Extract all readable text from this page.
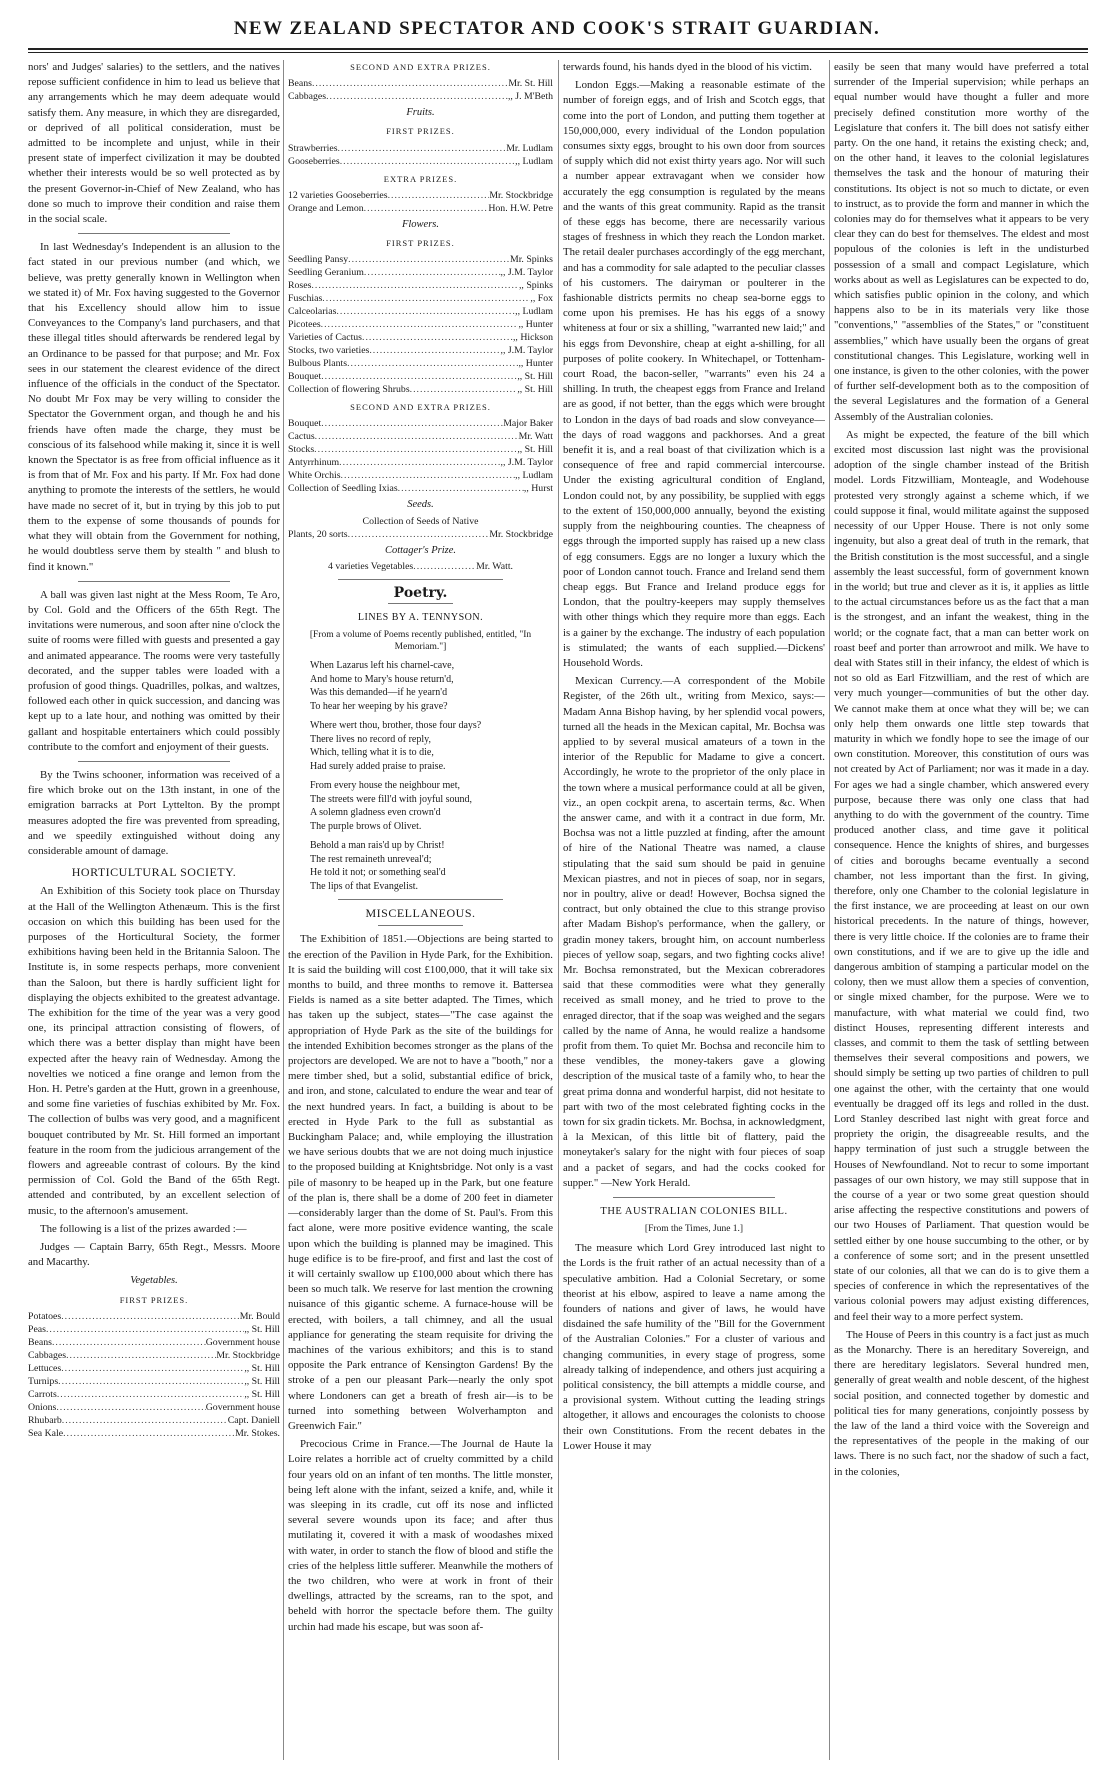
NEW ZEALAND SPECTATOR AND COOK'S STRAIT GUARDIAN.

nors' and Judges' salaries) to the settlers, and the natives repose sufficient confidence in him to lead us believe that any arrangements which he may deem adequate would satisfy them. Any measure, in which they are disregarded, or deprived of all political consideration, must be admitted to be incomplete and unjust, while in their present state of imperfect civilization it may be doubted whether their interests would be so well protected as by the present Governor-in-Chief of New Zealand, who has done so much to improve their condition and raise them in the social scale.

In last Wednesday's Independent is an allusion to the fact stated in our previous number (and which, we believe, was pretty generally known in Wellington when we stated it) of Mr. Fox having suggested to the Governor that his Excellency should allow him to issue Conveyances to the Company's land purchasers, and that these illegal titles should afterwards be rendered legal by an Ordinance to be passed for that purpose; and Mr. Fox sees in our statement the clearest evidence of the direct influence of the officials in the conduct of the Spectator. No doubt Mr Fox may be very willing to consider the Spectator the Government organ, and though he and his friends have often made the charge, they must be conscious of its falsehood while making it, since it is well known the Spectator is as free from official influence as it is from that of Mr. Fox and his party. If Mr. Fox had done anything to promote the interests of the settlers, he would have made no secret of it, but in trying by this job to put them to the expense of some thousands of pounds for what they will obtain from the Government for nothing, he would doubtless serve them by stealth " and blush to find it known."

A ball was given last night at the Mess Room, Te Aro, by Col. Gold and the Officers of the 65th Regt. The invitations were numerous, and soon after nine o'clock the suite of rooms were filled with guests and presented a gay and animated appearance. The rooms were very tastefully decorated, and the supper tables were loaded with a profusion of good things. Quadrilles, polkas, and waltzes, followed each other in quick succession, and dancing was kept up to a late hour, and nothing was omitted by their gallant and hospitable entertainers which could possibly contribute to the comfort and enjoyment of their guests.

By the Twins schooner, information was received of a fire which broke out on the 13th instant, in one of the emigration barracks at Port Lyttelton. By the prompt measures adopted the fire was prevented from spreading, and we speedily extinguished without doing any considerable amount of damage.

HORTICULTURAL SOCIETY.

An Exhibition of this Society took place on Thursday at the Hall of the Wellington Athenæum. This is the first occasion on which this building has been used for the purposes of the Horticultural Society, the former exhibitions having been held in the Britannia Saloon. The Institute is, in some respects perhaps, more convenient than the Saloon, but there is hardly sufficient light for displaying the objects exhibited to the greatest advantage. The exhibition for the time of the year was a very good one, its principal attraction consisting of flowers, of which there was a better display than might have been expected after the heavy rain of Wednesday. Among the novelties we noticed a fine orange and lemon from the Hon. H. Petre's garden at the Hutt, grown in a greenhouse, and some fine varieties of fuschias exhibited by Mr. Fox. The collection of bulbs was very good, and a magnificent bouquet contributed by Mr. St. Hill formed an important feature in the room from the judicious arrangement of the flowers and agreeable contrast of colours. By the kind permission of Col. Gold the Band of the 65th Regt. attended and contributed, by an excellent selection of music, to the afternoon's amusement.

The following is a list of the prizes awarded :—

Judges — Captain Barry, 65th Regt., Messrs. Moore and Macarthy.

Vegetables.
FIRST PRIZES.
Potatoes .....	Mr. Bould
Peas .....	,, St. Hill
Beans .....	Government house
Cabbages .....	Mr. Stockbridge
Lettuces .....	,, St. Hill
Turnips .....	,, St. Hill
Carrots .....	,, St. Hill
Onions .....	Government house
Rhubarb .....	Capt. Daniell
Sea Kale .....	Mr. Stokes.
SECOND AND EXTRA PRIZES.
Beans .....	Mr. St. Hill
Cabbages .....	,, J. M'Beth
Fruits.
FIRST PRIZES.
Strawberries .....	Mr. Ludlam
Gooseberries .....	,, Ludlam
EXTRA PRIZES.
12 varieties Gooseberries .....	Mr. Stockbridge
Orange and Lemon .....	Hon. H.W. Petre
Flowers.
FIRST PRIZES.
Seedling Pansy .....	Mr. Spinks
Seedling Geranium .....	,, J.M. Taylor
Roses .....	,, Spinks
Fuschias .....	,, Fox
Calceolarias .....	,, Ludlam
Picotees .....	,, Hunter
Varieties of Cactus .....	,, Hickson
Stocks, two varieties .....	,, J.M. Taylor
Bulbous Plants .....	,, Hunter
Bouquet .....	,, St. Hill
Collection of flowering Shrubs .....	,, St. Hill
SECOND AND EXTRA PRIZES.
Bouquet .....	Major Baker
Cactus .....	Mr. Watt
Stocks .....	,, St. Hill
Antyrrhinum .....	,, J.M. Taylor
White Orchis .....	,, Ludlam
Collection of Seedling Ixias .....	,, Hurst
Seeds.
Collection of Seeds of Native
Plants, 20 sorts .....	Mr. Stockbridge
Cottager's Prize.
4 varieties Vegetables .....	Mr. Watt.
Poetry.
LINES BY A. TENNYSON.
[From a volume of Poems recently published, entitled, "In Memoriam."]
When Lazarus left his charnel-cave,
And home to Mary's house return'd,
Was this demanded—if he yearn'd
To hear her weeping by his grave?
Where wert thou, brother, those four days?
There lives no record of reply,
Which, telling what it is to die,
Had surely added praise to praise.
From every house the neighbour met,
The streets were fill'd with joyful sound,
A solemn gladness even crown'd
The purple brows of Olivet.
Behold a man rais'd up by Christ!
The rest remaineth unreveal'd;
He told it not; or something seal'd
The lips of that Evangelist.
MISCELLANEOUS.

The Exhibition of 1851.—Objections are being started to the erection of the Pavilion in Hyde Park, for the Exhibition. It is said the building will cost £100,000, that it will take six months to build, and three months to remove it. Battersea Fields is named as a site better adapted. The Times, which has taken up the subject, states—"The case against the appropriation of Hyde Park as the site of the buildings for the intended Exhibition becomes stronger as the plans of the projectors are developed. We are not to have a "booth," nor a mere timber shed, but a solid, substantial edifice of brick, and iron, and stone, calculated to endure the wear and tear of the next hundred years. In fact, a building is about to be erected in Hyde Park to the full as substantial as Buckingham Palace; and, while employing the illustration we have serious doubts that we are not doing much injustice to the proposed building at Knightsbridge. Not only is a vast pile of masonry to be heaped up in the Park, but one feature of the plan is, there shall be a dome of 200 feet in diameter—considerably larger than the dome of St. Paul's. From this fact alone, were more positive evidence wanting, the scale upon which the building is planned may be imagined. This huge edifice is to be fire-proof, and first and last the cost of it will certainly swallow up £100,000 about which there has been so much talk. We reserve for last mention the crowning nuisance of this gigantic scheme. A furnace-house will be erected, with boilers, a tall chimney, and all the usual appliance for generating the steam requisite for driving the machines of the various exhibitors; and this is to stand opposite the Park entrance of Kensington Gardens! By the stroke of a pen our pleasant Park—nearly the only spot where Londoners can get a breath of fresh air—is to be turned into something between Wolverhampton and Greenwich Fair."

Precocious Crime in France.—The Journal de Haute la Loire relates a horrible act of cruelty committed by a child four years old on an infant of ten months. The little monster, being left alone with the infant, seized a knife, and, while it was sleeping in its cradle, cut off its nose and inflicted several severe wounds upon its face; and after thus mutilating it, covered it with a mask of woodashes mixed with water, in order to stanch the flow of blood and stifle the cries of the helpless little sufferer. Meanwhile the mothers of the two children, who were at work in front of their dwellings, attracted by the screams, ran to the spot, and beheld with horror the spectacle before them. The guilty urchin had made his escape, but was soon af-

terwards found, his hands dyed in the blood of his victim.

London Eggs.—Making a reasonable estimate of the number of foreign eggs, and of Irish and Scotch eggs, that come into the port of London, and putting them together at 150,000,000, every individual of the London population consumes sixty eggs, brought to his own door from sources of supply which did not exist thirty years ago. Nor will such a number appear extravagant when we consider how accurately the egg consumption is regulated by the means and the wants of this great community. Rapid as the transit of these eggs has become, there are necessarily various stages of freshness in which they reach the London market. The retail dealer purchases accordingly of the egg merchant, and has a commodity for sale adapted to the peculiar classes of his customers. The dairyman or poulterer in the fashionable districts permits no cheap sea-borne eggs to come upon his premises. He has his eggs of a snowy whiteness at four or six a shilling, "warranted new laid;" and his eggs from Devonshire, cheap at eight a-shilling, for all purposes of polite cookery. In Whitechapel, or Tottenham-court Road, the bacon-seller, "warrants" even his 24 a shilling. In truth, the cheapest eggs from France and Ireland are as good, if not better, than the eggs which were brought to London in the days of bad roads and slow conveyance—the days of road waggons and packhorses. And a great benefit it is, and a real boast of that civilization which is a consequence of free and rapid commercial intercourse. Under the existing agricultural condition of England, London could not, by any possibility, be supplied with eggs to the extent of 150,000,000 annually, beyond the existing supply from the neighbouring counties. The cheapness of eggs through the imported supply has raised up a new class of egg consumers. Eggs are no longer a luxury which the poor of London cannot touch. France and Ireland send them cheap eggs. But France and Ireland produce eggs for London, that the poultry-keepers may supply themselves with other things which they require more than eggs. Each is a gainer by the exchange. The industry of each population is stimulated; the wants of each supplied.—Dickens' Household Words.

Mexican Currency.—A correspondent of the Mobile Register, of the 26th ult., writing from Mexico, says:—Madam Anna Bishop having, by her splendid vocal powers, turned all the heads in the Mexican capital, Mr. Bochsa was applied to by several musical amateurs of a town in the interior of the Republic for Madame to give a concert. Accordingly, he wrote to the proprietor of the only place in the town where a musical performance could at all be given, viz., an open cockpit arena, to ascertain terms, &c. When the answer came, and with it a contract in due form, Mr. Bochsa was not a little puzzled at finding, after the amount of hire of the National Theatre was named, a clause stipulating that the said sum should be paid in genuine Mexican piastres, and not in pieces of soap, nor in segars, nor in poultry, alive or dead! However, Bochsa signed the contract, but only obtained the clue to this strange proviso after Madam Bishop's performance, when the gallery, or gradin money takers, brought him, on account numberless pieces of yellow soap, segars, and two fighting cocks alive! Mr. Bochsa remonstrated, but the Mexican cobreradores said that these commodities were what they generally received as small money, and he tried to prove to the enraged director, that if the soap was weighed and the segars called by the name of Anna, he would realize a handsome profit from them. To quiet Mr. Bochsa and reconcile him to these vendibles, the money-takers gave a glowing description of the musical taste of a family who, to hear the great prima donna and wonderful harpist, did not hesitate to part with two of the most celebrated fighting cocks in the town for six gradin tickets. Mr. Bochsa, in acknowledgment, à la Mexican, of this little bit of flattery, paid the moneytaker's salary for the night with four pieces of soap and a packet of segars, and had the cocks cooked for supper." —New York Herald.

THE AUSTRALIAN COLONIES BILL.
[From the Times, June 1.]

The measure which Lord Grey introduced last night to the Lords is the fruit rather of an actual necessity than of a speculative ambition. Had a Colonial Secretary, or some theorist at his elbow, aspired to leave a name among the founders of nations and giver of laws, he would have disdained the safe humility of the "Bill for the Government of the Australian Colonies." For a cluster of various and changing communities, in every stage of progress, some already talking of independence, and others just acquiring a political consistency, the bill attempts a middle course, and a provisional system. Without cutting the leading strings altogether, it allows and encourages the colonists to choose their own Constitutions. From the recent debates in the Lower House it may

easily be seen that many would have preferred a total surrender of the Imperial supervision; while perhaps an equal number would have thought a fuller and more precisely defined constitution more worthy of the Legislature that confers it. The bill does not satisfy either party. On the one hand, it retains the existing check; and, on the other hand, it leaves to the colonial legislatures themselves the task and the honour of maturing their constitutions. Its object is not so much to dictate, or even to instruct, as to provide the form and manner in which the colonies may do for themselves what it appears to be very clear they can do best for themselves. The eldest and most populous of the colonies is left in the undisturbed possession of a small and compact Legislature, which works about as well as Legislatures can be expected to do, which satisfies public opinion in the colony, and which happens also to be in its materials very like those "conventions," "assemblies of the States," or "constituent assemblies," which have usually been the organs of great constitutional changes. This Legislature, working well in one instance, is given to the other colonies, with the power of further self-development both as to the composition of the several Legislatures and the formation of a General Assembly of the Australian colonies.

As might be expected, the feature of the bill which excited most discussion last night was the provisional adoption of the single chamber instead of the British model. Lords Fitzwilliam, Monteagle, and Wodehouse protested very strongly against a scheme which, if we could suppose it final, would militate against the supposed necessity of our Upper House. There is not only some ingenuity, but also a great deal of truth in the remark, that the British constitution is the most successful, and a single assembly the least successful, form of government known in the world; but true and clever as it is, it applies as little to the actual circumstances before us as the fact that a man is the strongest, and an infant the weakest, thing in the world; or the cognate fact, that a man can better work on roast beef and porter than arrowroot and milk. We have to deal with States still in their infancy, the eldest of which is not so old as Earl Fitzwilliam, and the rest of which are very much younger—communities of but the other day. We cannot make them at once what they will be; we can only help them onwards one little step towards that maturity in which we fondly hope to see the image of our own constitution. Moreover, this constitution of ours was not created by Act of Parliament; nor was it made in a day. For ages we had a single chamber, which answered every purpose, because there was only one class that had anything to do with the government of the country. Time produced another class, and time gave it political consequence. Hence the knights of shires, and burgesses of cities and boroughs became eventually a second chamber, not less important than the first. In giving, therefore, only one Chamber to the colonial legislature in the first instance, we are proceeding at least on our own historical precedents. In the nature of things, however, there is very little choice. If the colonies are to frame their own constitutions, and if we are to give up the idle and dangerous ambition of stamping a particular model on the colony, then we must allow them a species of convention, or single mixed chamber, for the purpose. Were we to manufacture, with what material we could find, two distinct Houses, representing different interests and classes, and commit to them the task of settling between themselves their several compositions and powers, we should simply be setting up two parties of children to pull one against the other, with the certainty that one would eventually be dragged off its legs and rolled in the dust. Lord Stanley described last night with great force and propriety the origin, the disagreeable results, and the happy termination of just such a struggle between the Houses of Newfoundland. Not to recur to some important passages of our own history, we may still suppose that in the course of a year or two some great question should arise affecting the respective constitutions and powers of our two Houses of Parliament. That question would be settled either by one house succumbing to the other, or by a conference of some sort; and in the present unsettled state of our colonies, all that we can do is to give them a species of conference in which the representatives of the various colonial powers may adjust existing differences, and feel their way to a more perfect system.

The House of Peers in this country is a fact just as much as the Monarchy. There is an hereditary Sovereign, and there are hereditary legislators. Several hundred men, generally of great wealth and noble descent, of the highest social position, and connected together by domestic and political ties for many generations, conjointly possess by the law of the land a third voice with the Sovereign and the representatives of the people in the making of our laws. There is no such fact, nor the shadow of such a fact, in the colonies,
